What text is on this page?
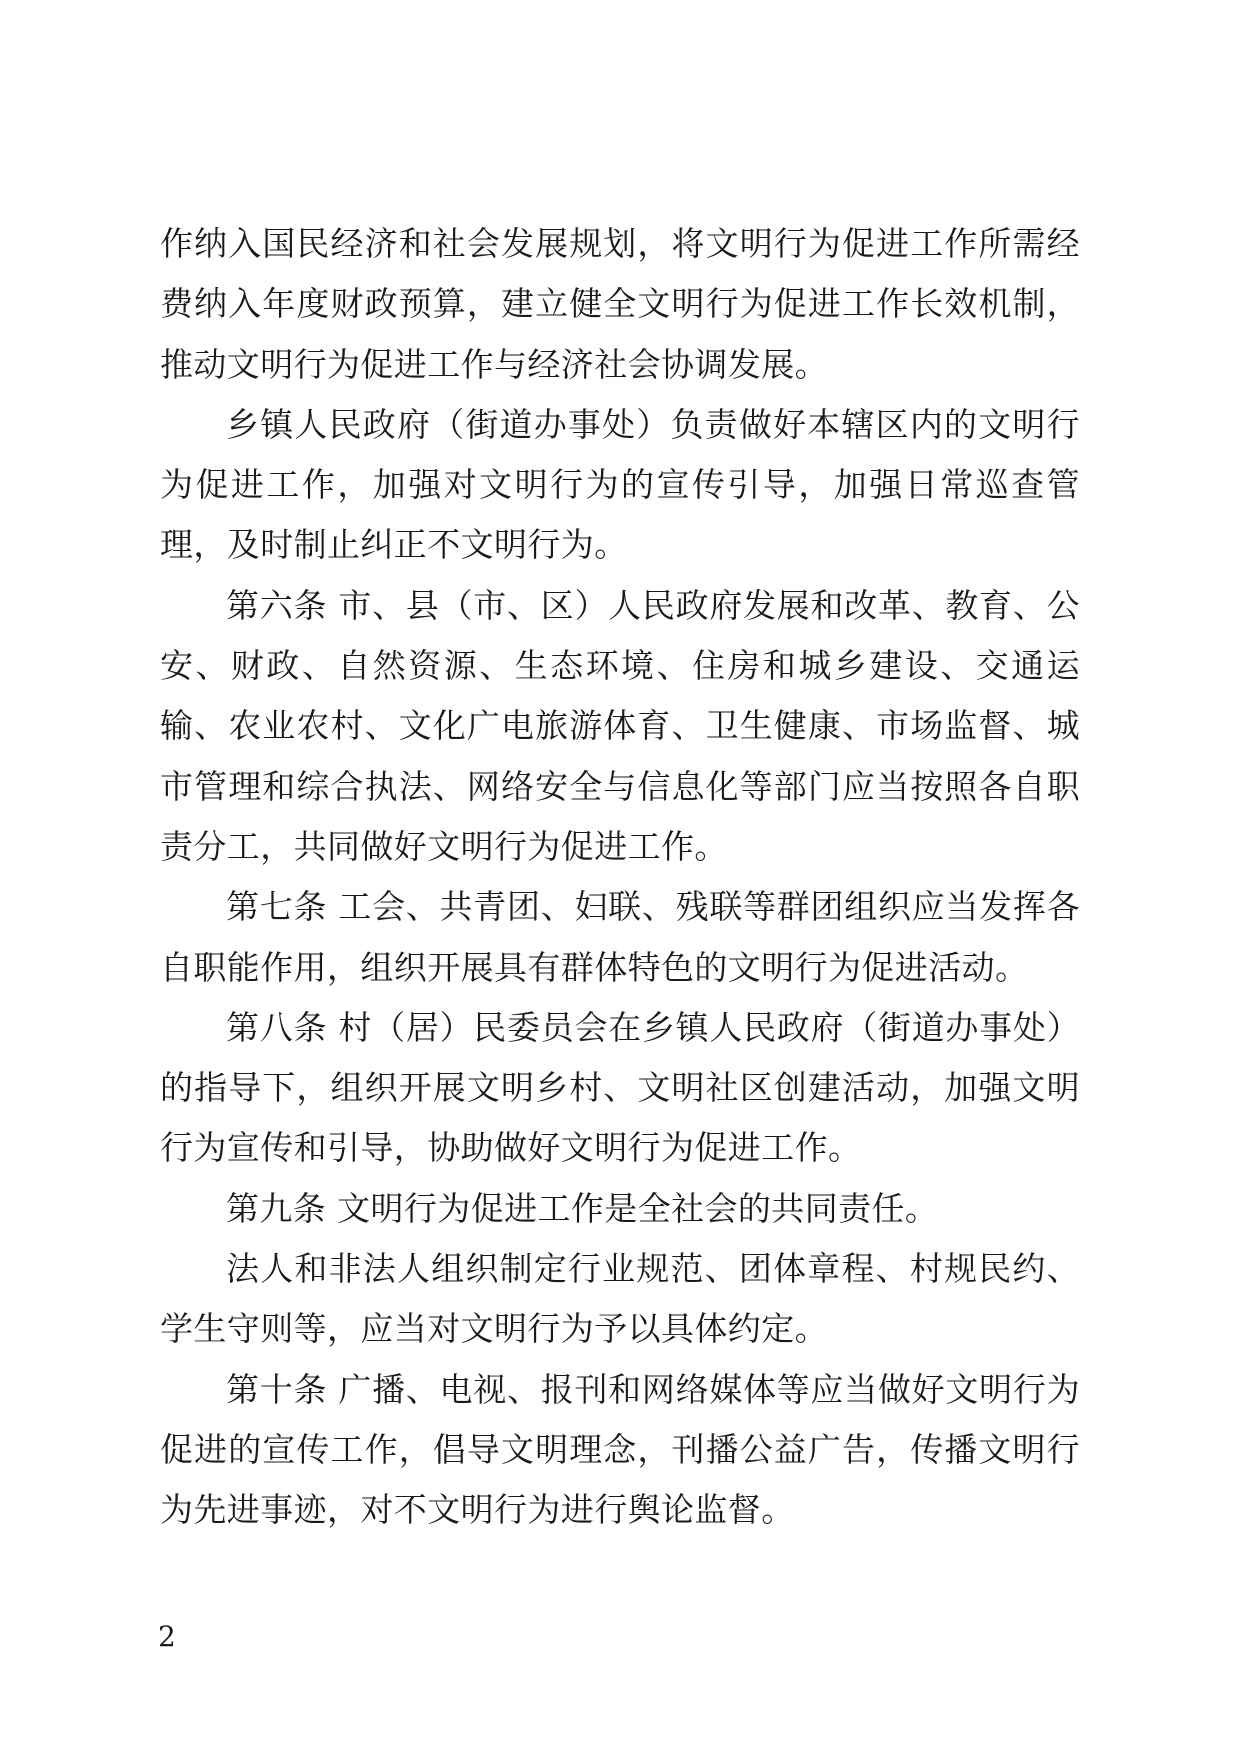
作纳入国民经济和社会发展规划，将文明行为促进工作所需经费纳入年度财政预算，建立健全文明行为促进工作长效机制，推动文明行为促进工作与经济社会协调发展。

乡镇人民政府（街道办事处）负责做好本辖区内的文明行为促进工作，加强对文明行为的宣传引导，加强日常巡查管理，及时制止纠正不文明行为。

第六条 市、县（市、区）人民政府发展和改革、教育、公安、财政、自然资源、生态环境、住房和城乡建设、交通运输、农业农村、文化广电旅游体育、卫生健康、市场监督、城市管理和综合执法、网络安全与信息化等部门应当按照各自职责分工，共同做好文明行为促进工作。

第七条 工会、共青团、妇联、残联等群团组织应当发挥各自职能作用，组织开展具有群体特色的文明行为促进活动。

第八条 村（居）民委员会在乡镇人民政府（街道办事处）的指导下，组织开展文明乡村、文明社区创建活动，加强文明行为宣传和引导，协助做好文明行为促进工作。

第九条 文明行为促进工作是全社会的共同责任。

法人和非法人组织制定行业规范、团体章程、村规民约、学生守则等，应当对文明行为予以具体约定。

第十条 广播、电视、报刊和网络媒体等应当做好文明行为促进的宣传工作，倡导文明理念，刊播公益广告，传播文明行为先进事迹，对不文明行为进行舆论监督。

2
